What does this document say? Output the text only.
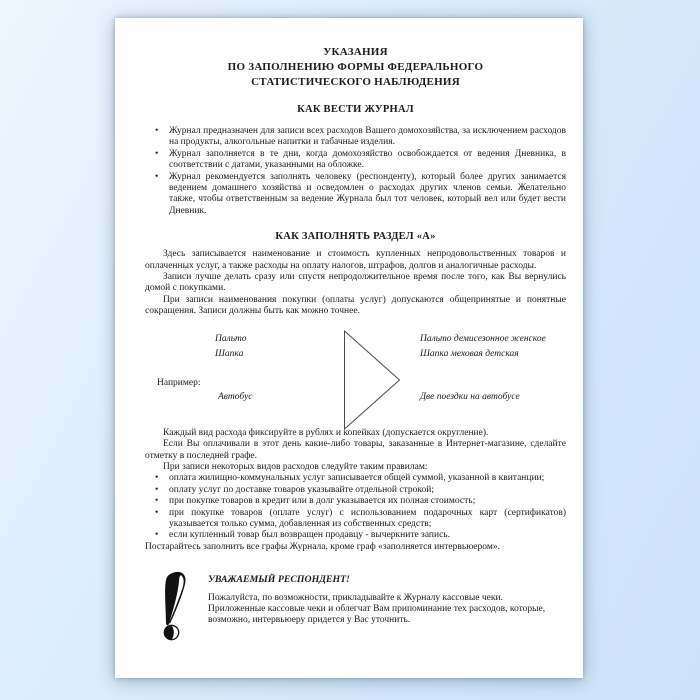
УКАЗАНИЯ
ПО ЗАПОЛНЕНИЮ ФОРМЫ ФЕДЕРАЛЬНОГО
СТАТИСТИЧЕСКОГО НАБЛЮДЕНИЯ
КАК ВЕСТИ ЖУРНАЛ
• Журнал предназначен для записи всех расходов Вашего домохозяйства, за исключением расходов на продукты, алкогольные напитки и табачные изделия.
• Журнал заполняется в те дни, когда домохозяйство освобождается от ведения Дневника, в соответствии с датами, указанными на обложке.
• Журнал рекомендуется заполнять человеку (респонденту), который более других занимается ведением домашнего хозяйства и осведомлен о расходах других членов семьи. Желательно также, чтобы ответственным за ведение Журнала был тот человек, который вел или будет вести Дневник.
КАК ЗАПОЛНЯТЬ РАЗДЕЛ «А»

Здесь записывается наименование и стоимость купленных непродовольственных товаров и оплаченных услуг, а также расходы на оплату налогов, штрафов, долгов и аналогичные расходы.

Записи лучше делать сразу или спустя непродолжительное время после того, как Вы вернулись домой с покупками.

При записи наименования покупки (оплаты услуг) допускаются общепринятые и понятные сокращения. Записи должны быть как можно точнее.

Пальто
Шапка
Например:
Автобус
Пальто демисезонное женское
Шапка меховая детская
Две поездки на автобусе

Каждый вид расхода фиксируйте в рублях и копейках (допускается округление).

Если Вы оплачивали в этот день какие-либо товары, заказанные в Интернет-магазине, сделайте отметку в последней графе.

При записи некоторых видов расходов следуйте таким правилам:

• оплата жилищно-коммунальных услуг записывается общей суммой, указанной в квитанции;
• оплату услуг по доставке товаров указывайте отдельной строкой;
• при покупке товаров в кредит или в долг указывается их полная стоимость;
• при покупке товаров (оплате услуг) с использованием подарочных карт (сертификатов) указывается только сумма, добавленная из собственных средств;
• если купленный товар был возвращен продавцу - вычеркните запись.

Постарайтесь заполнить все графы Журнала, кроме граф «заполняется интервьюером».

УВАЖАЕМЫЙ РЕСПОНДЕНТ!

Пожалуйста, по возможности, прикладывайте к Журналу кассовые чеки.

Приложенные кассовые чеки и облегчат Вам припоминание тех расходов, которые, возможно, интервьюеру придется у Вас уточнить.
